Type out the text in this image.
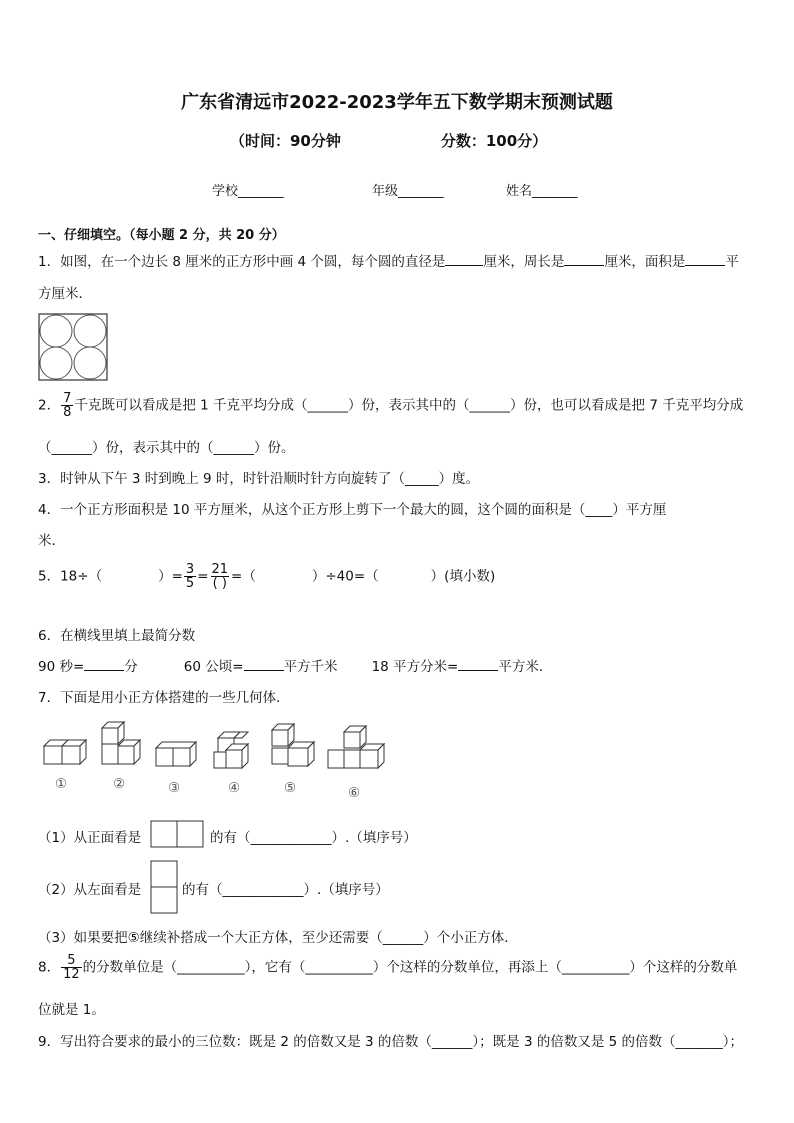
广东省清远市2022-2023学年五下数学期末预测试题
（时间：90分钟	分数：100分）
学校_______	年级_______	姓名_______
一、仔细填空。（每小题 2 分，共 20 分）
1．如图，在一个边长 8 厘米的正方形中画 4 个圆，每个圆的直径是	厘米，周长是	厘米，面积是	平
方厘米．
2． $\frac{7}{8}$ 千克既可以看成是把 1 千克平均分成（______）份，表示其中的（______）份，也可以看成是把 7 千克平均分成
（______）份，表示其中的（______）份。
3．时钟从下午 3 时到晚上 9 时，时针沿顺时针方向旋转了（_____）度。
4．一个正方形面积是 10 平方厘米，从这个正方形上剪下一个最大的圆，这个圆的面积是（____）平方厘
米．
5．18÷（	）= $\frac{3}{5} = \frac{21}{( )}$ =（	）÷40=（	）(填小数)
6．在横线里填上最简分数
90 秒=	分	60 公顷=	平方千米	18 平方分米=	平方米．
7．下面是用小正方体搭建的一些几何体．
①	②	③	④	⑤	⑥
（1）从正面看是	的有（____________）.（填序号）
（2）从左面看是	的有（____________）.（填序号）
（3）如果要把⑤继续补搭成一个大正方体，至少还需要（______）个小正方体．
8． $\frac{5}{12}$ 的分数单位是（__________），它有（__________）个这样的分数单位，再添上（__________）个这样的分数单
位就是 1。
9．写出符合要求的最小的三位数：既是 2 的倍数又是 3 的倍数（______）；既是 3 的倍数又是 5 的倍数（_______）；
